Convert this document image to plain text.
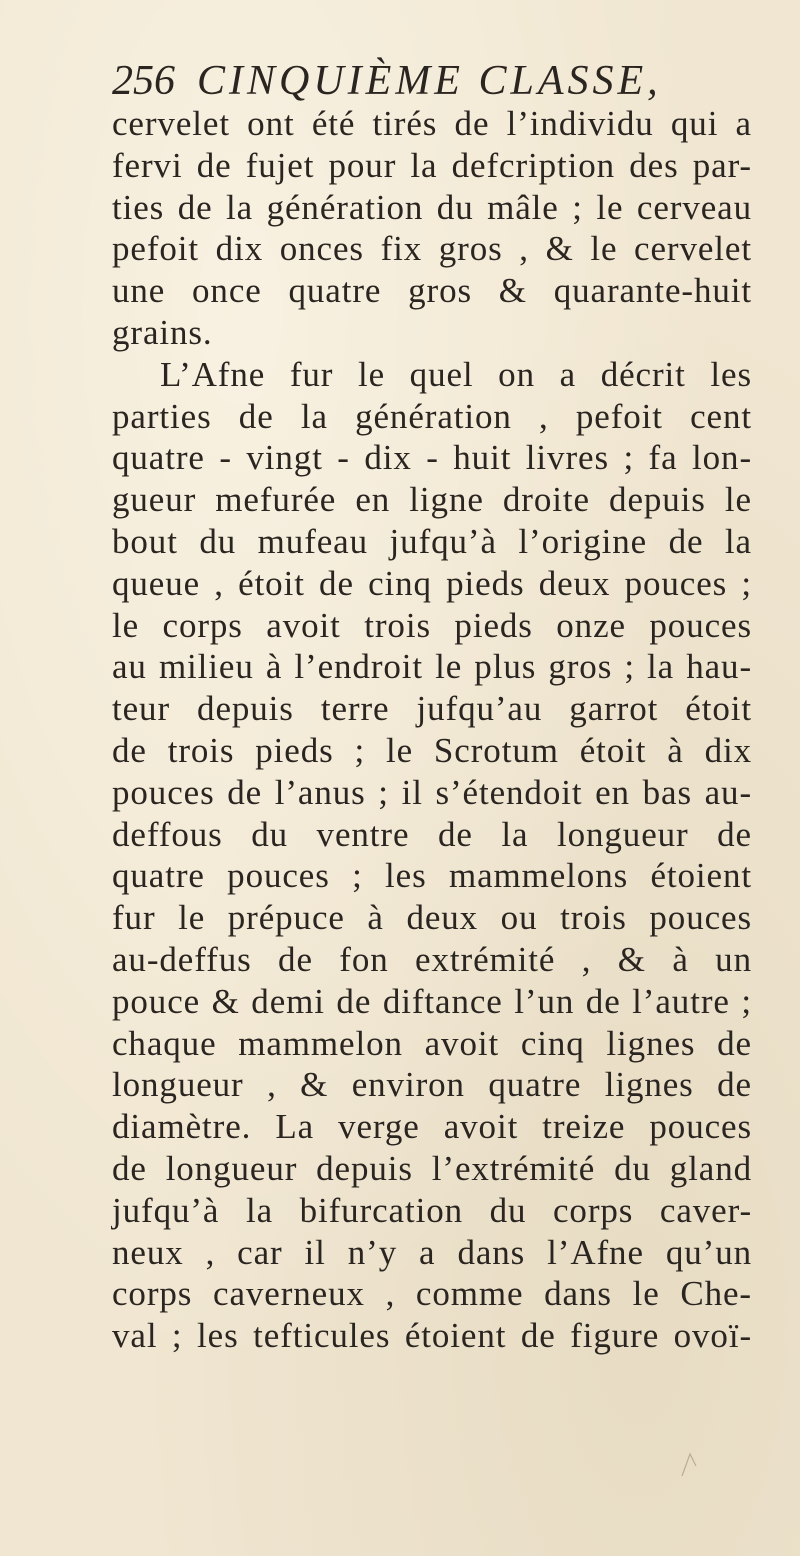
256 CINQUIÈME CLASSE,
cervelet ont été tirés de l’individu qui a
fervi de fujet pour la defcription des par-
ties de la génération du mâle ; le cerveau
pefoit dix onces fix gros , & le cervelet
une once quatre gros & quarante-huit
grains.
L’Afne fur le quel on a décrit les
parties de la génération , pefoit cent
quatre - vingt - dix - huit livres ; fa lon-
gueur mefurée en ligne droite depuis le
bout du mufeau jufqu’à l’origine de la
queue , étoit de cinq pieds deux pouces ;
le corps avoit trois pieds onze pouces
au milieu à l’endroit le plus gros ; la hau-
teur depuis terre jufqu’au garrot étoit
de trois pieds ; le Scrotum étoit à dix
pouces de l’anus ; il s’étendoit en bas au-
deffous du ventre de la longueur de
quatre pouces ; les mammelons étoient
fur le prépuce à deux ou trois pouces
au-deffus de fon extrémité , & à un
pouce & demi de diftance l’un de l’autre ;
chaque mammelon avoit cinq lignes de
longueur , & environ quatre lignes de
diamètre. La verge avoit treize pouces
de longueur depuis l’extrémité du gland
jufqu’à la bifurcation du corps caver-
neux , car il n’y a dans l’Afne qu’un
corps caverneux , comme dans le Che-
val ; les tefticules étoient de figure ovoï-
